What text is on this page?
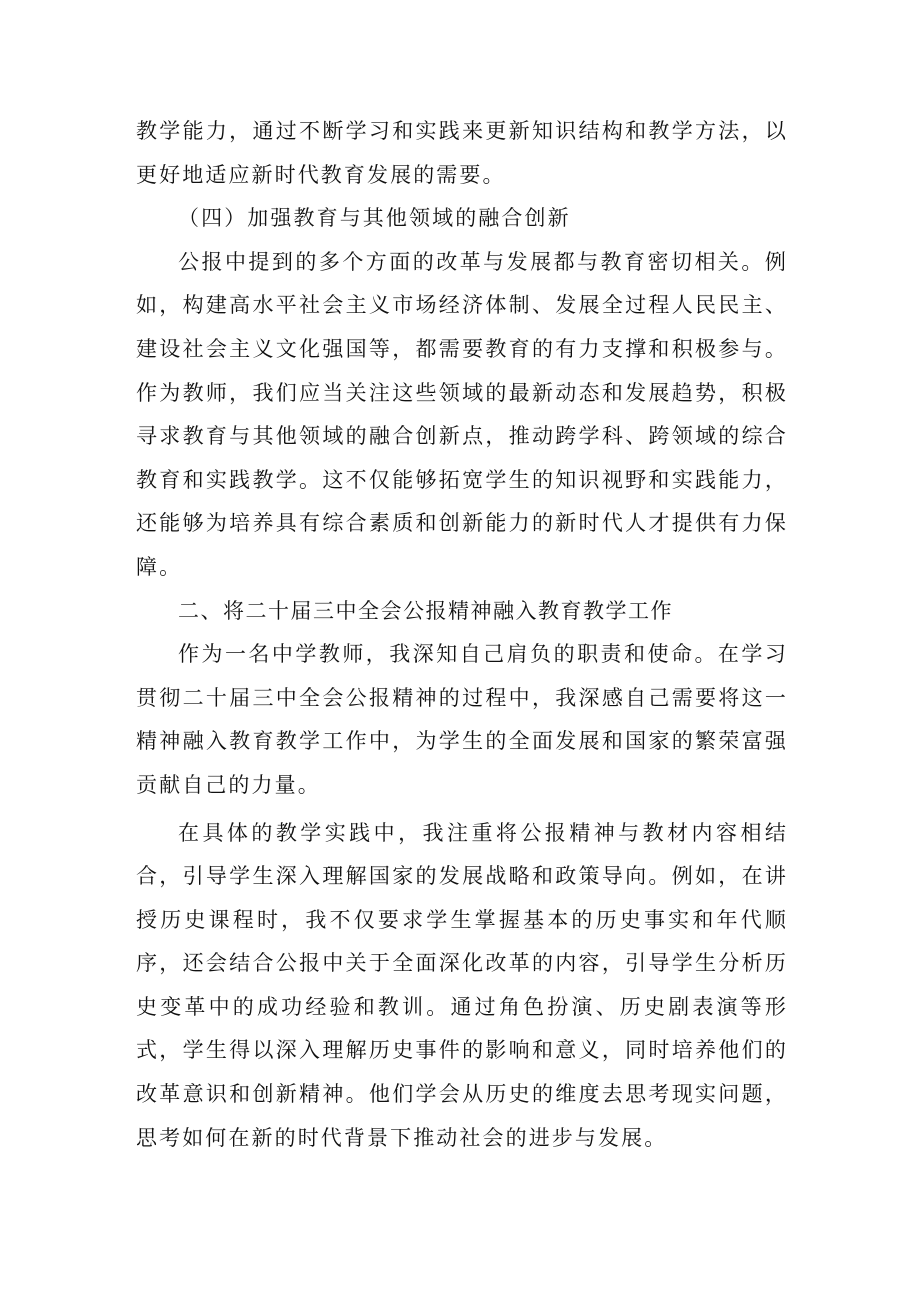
教学能力，通过不断学习和实践来更新知识结构和教学方法，以更好地适应新时代教育发展的需要。

（四）加强教育与其他领域的融合创新

公报中提到的多个方面的改革与发展都与教育密切相关。例如，构建高水平社会主义市场经济体制、发展全过程人民民主、建设社会主义文化强国等，都需要教育的有力支撑和积极参与。作为教师，我们应当关注这些领域的最新动态和发展趋势，积极寻求教育与其他领域的融合创新点，推动跨学科、跨领域的综合教育和实践教学。这不仅能够拓宽学生的知识视野和实践能力，还能够为培养具有综合素质和创新能力的新时代人才提供有力保障。

二、将二十届三中全会公报精神融入教育教学工作

作为一名中学教师，我深知自己肩负的职责和使命。在学习贯彻二十届三中全会公报精神的过程中，我深感自己需要将这一精神融入教育教学工作中，为学生的全面发展和国家的繁荣富强贡献自己的力量。

在具体的教学实践中，我注重将公报精神与教材内容相结合，引导学生深入理解国家的发展战略和政策导向。例如，在讲授历史课程时，我不仅要求学生掌握基本的历史事实和年代顺序，还会结合公报中关于全面深化改革的内容，引导学生分析历史变革中的成功经验和教训。通过角色扮演、历史剧表演等形式，学生得以深入理解历史事件的影响和意义，同时培养他们的改革意识和创新精神。他们学会从历史的维度去思考现实问题，思考如何在新的时代背景下推动社会的进步与发展。
